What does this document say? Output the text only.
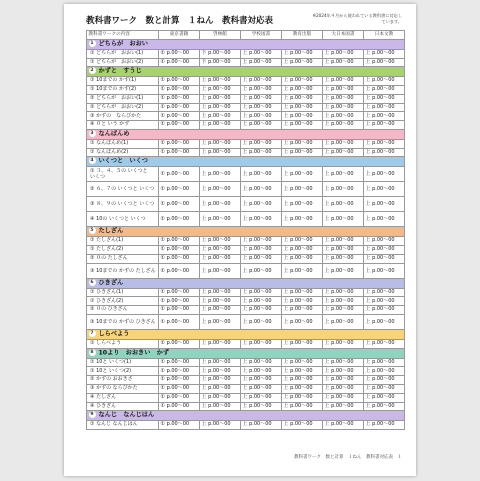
教科書ワーク　数と計算　１ねん　教科書対応表
※2024年４月から使われている教科書に対応しています。
教科書ワークの内容	東京書籍	啓林館	学校図書	教育出版	大日本図書	日本文教
1 どちらが　おおい						
① どちらが　おおい(1)	① p.00〜00	下 p.00〜00	上 p.00〜00	上 p.00〜00	上 p.00〜00	上 p.00〜00
① どちらが　おおい(2)	① p.00〜00	下 p.00〜00	上 p.00〜00	上 p.00〜00	上 p.00〜00	上 p.00〜00
2 かずと　すうじ						
① 10までの かず(1)	① p.00〜00	上 p.00〜00	上 p.00〜00	上 p.00〜00	上 p.00〜00	上 p.00〜00
① 10までの かず(2)	① p.00〜00	上 p.00〜00	上 p.00〜00	上 p.00〜00	上 p.00〜00	上 p.00〜00
② どちらが　おおい(1)	① p.00〜00	上 p.00〜00	上 p.00〜00	上 p.00〜00	上 p.00〜00	上 p.00〜00
② どちらが　おおい(2)	① p.00〜00	上 p.00〜00	上 p.00〜00	上 p.00〜00	上 p.00〜00	上 p.00〜00
③ かずの　ならびかた	① p.00〜00	上 p.00〜00	上 p.00〜00	上 p.00〜00	上 p.00〜00	上 p.00〜00
④ ０と いう かず	① p.00〜00	上 p.00〜00	上 p.00〜00	上 p.00〜00	上 p.00〜00	上 p.00〜00
3 なんばんめ						
① なんばんめ(1)	① p.00〜00	上 p.00〜00	上 p.00〜00	上 p.00〜00	上 p.00〜00	上 p.00〜00
① なんばんめ(2)	① p.00〜00	上 p.00〜00	上 p.00〜00	上 p.00〜00	上 p.00〜00	上 p.00〜00
4 いくつと　いくつ						
① ３、４、５の いくつと　いくつ	① p.00〜00	上 p.00〜00	上 p.00〜00	上 p.00〜00	上 p.00〜00	上 p.00〜00
② ６、７の いくつと いくつ	① p.00〜00	上 p.00〜00	上 p.00〜00	上 p.00〜00	上 p.00〜00	上 p.00〜00
③ ８、９の いくつと いくつ	① p.00〜00	上 p.00〜00	上 p.00〜00	上 p.00〜00	上 p.00〜00	上 p.00〜00
④ 10の いくつと いくつ	① p.00〜00	上 p.00〜00	上 p.00〜00	上 p.00〜00	上 p.00〜00	上 p.00〜00
5 たしざん						
① たしざん(1)	① p.00〜00	上 p.00〜00	上 p.00〜00	上 p.00〜00	上 p.00〜00	上 p.00〜00
① たしざん(2)	① p.00〜00	上 p.00〜00	上 p.00〜00	上 p.00〜00	上 p.00〜00	上 p.00〜00
② ０の たしざん	① p.00〜00	上 p.00〜00	上 p.00〜00	上 p.00〜00	上 p.00〜00	上 p.00〜00
③ 10までの かずの たしざん	① p.00〜00	上 p.00〜00	上 p.00〜00	上 p.00〜00	上 p.00〜00	上 p.00〜00
6 ひきざん						
① ひきざん(1)	① p.00〜00	上 p.00〜00	上 p.00〜00	上 p.00〜00	上 p.00〜00	上 p.00〜00
① ひきざん(2)	① p.00〜00	上 p.00〜00	上 p.00〜00	上 p.00〜00	上 p.00〜00	上 p.00〜00
② ０の ひきざん	① p.00〜00	上 p.00〜00	上 p.00〜00	上 p.00〜00	上 p.00〜00	上 p.00〜00
③ 10までの かずの ひきざん	① p.00〜00	上 p.00〜00	上 p.00〜00	上 p.00〜00	上 p.00〜00	上 p.00〜00
7 しらべよう						
① しらべよう	① p.00〜00	上 p.00〜00	上 p.00〜00	上 p.00〜00	上 p.00〜00	上 p.00〜00
8 10より　おおきい　かず						
① 10と いくつ(1)	① p.00〜00	上 p.00〜00	上 p.00〜00	上 p.00〜00	上 p.00〜00	上 p.00〜00
① 10と いくつ(2)	① p.00〜00	上 p.00〜00	上 p.00〜00	上 p.00〜00	上 p.00〜00	上 p.00〜00
② かずの おおきさ	① p.00〜00	上 p.00〜00	上 p.00〜00	上 p.00〜00	上 p.00〜00	上 p.00〜00
③ かずの ならびかた	① p.00〜00	上 p.00〜00	上 p.00〜00	上 p.00〜00	上 p.00〜00	上 p.00〜00
④ たしざん	① p.00〜00	上 p.00〜00	上 p.00〜00	上 p.00〜00	上 p.00〜00	上 p.00〜00
④ ひきざん	① p.00〜00	上 p.00〜00	上 p.00〜00	上 p.00〜00	上 p.00〜00	上 p.00〜00
9 なんじ　なんじはん						
① なんじ なんじはん	① p.00〜00	上 p.00〜00	上 p.00〜00	上 p.00〜00	上 p.00〜00	上 p.00〜00
教科書ワーク　数と計算　１ねん　教科書対応表　１
